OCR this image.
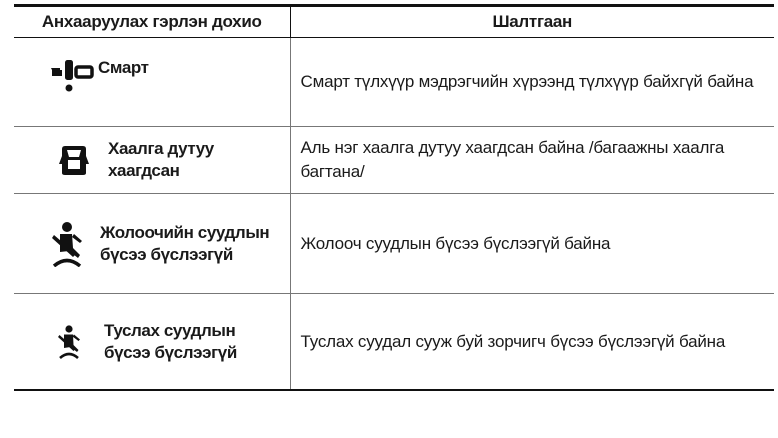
Анхааруулах гэрлэн дохио	Шалтгаан

Смарт	Смарт түлхүүр мэдрэгчийн хүрээнд түлхүүр байхгүй байна

Хаалга дутуу хаагдсан	Аль нэг хаалга дутуу хаагдсан байна /багаажны хаалга багтана/

Жолоочийн суудлын
бүсээ бүслээгүй	Жолооч суудлын бүсээ бүслээгүй байна

Туслах суудлын
бүсээ бүслээгүй	Туслах суудал сууж буй зорчигч бүсээ бүслээгүй байна
